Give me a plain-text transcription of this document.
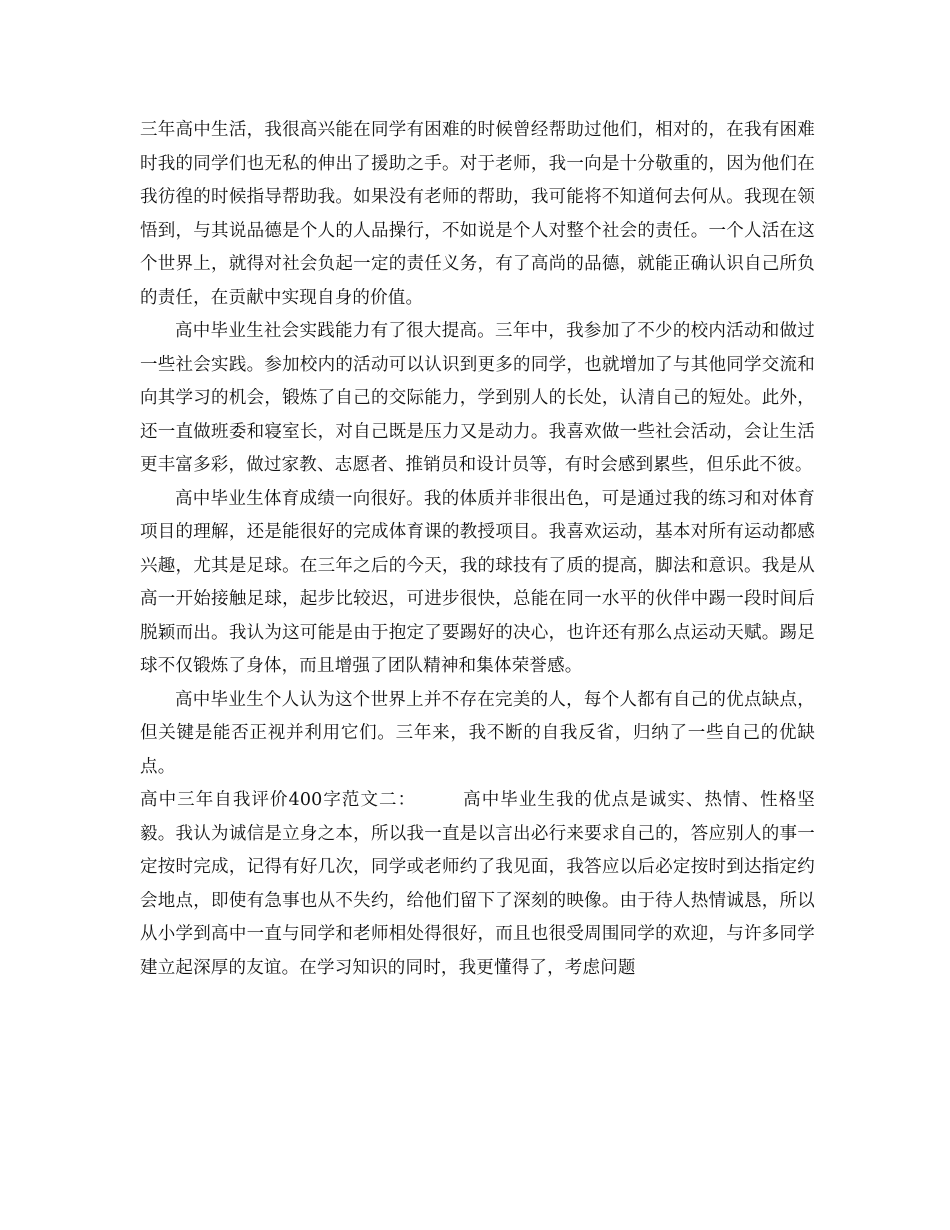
三年高中生活，我很高兴能在同学有困难的时候曾经帮助过他们，相对的，在我有困难时我的同学们也无私的伸出了援助之手。对于老师，我一向是十分敬重的，因为他们在我彷徨的时候指导帮助我。如果没有老师的帮助，我可能将不知道何去何从。我现在领悟到，与其说品德是个人的人品操行，不如说是个人对整个社会的责任。一个人活在这个世界上，就得对社会负起一定的责任义务，有了高尚的品德，就能正确认识自己所负的责任，在贡献中实现自身的价值。

高中毕业生社会实践能力有了很大提高。三年中，我参加了不少的校内活动和做过一些社会实践。参加校内的活动可以认识到更多的同学，也就增加了与其他同学交流和向其学习的机会，锻炼了自己的交际能力，学到别人的长处，认清自己的短处。此外，还一直做班委和寝室长，对自己既是压力又是动力。我喜欢做一些社会活动，会让生活更丰富多彩，做过家教、志愿者、推销员和设计员等，有时会感到累些，但乐此不彼。

高中毕业生体育成绩一向很好。我的体质并非很出色，可是通过我的练习和对体育项目的理解，还是能很好的完成体育课的教授项目。我喜欢运动，基本对所有运动都感兴趣，尤其是足球。在三年之后的今天，我的球技有了质的提高，脚法和意识。我是从高一开始接触足球，起步比较迟，可进步很快，总能在同一水平的伙伴中踢一段时间后脱颖而出。我认为这可能是由于抱定了要踢好的决心，也许还有那么点运动天赋。踢足球不仅锻炼了身体，而且增强了团队精神和集体荣誉感。

高中毕业生个人认为这个世界上并不存在完美的人，每个人都有自己的优点缺点，但关键是能否正视并利用它们。三年来，我不断的自我反省，归纳了一些自己的优缺点。

高中三年自我评价400字范文二：　　　	高中毕业生我的优点是诚实、热情、性格坚毅。我认为诚信是立身之本，所以我一直是以言出必行来要求自己的，答应别人的事一定按时完成，记得有好几次，同学或老师约了我见面，我答应以后必定按时到达指定约会地点，即使有急事也从不失约，给他们留下了深刻的映像。由于待人热情诚恳，所以从小学到高中一直与同学和老师相处得很好，而且也很受周围同学的欢迎，与许多同学建立起深厚的友谊。在学习知识的同时，我更懂得了，考虑问题
